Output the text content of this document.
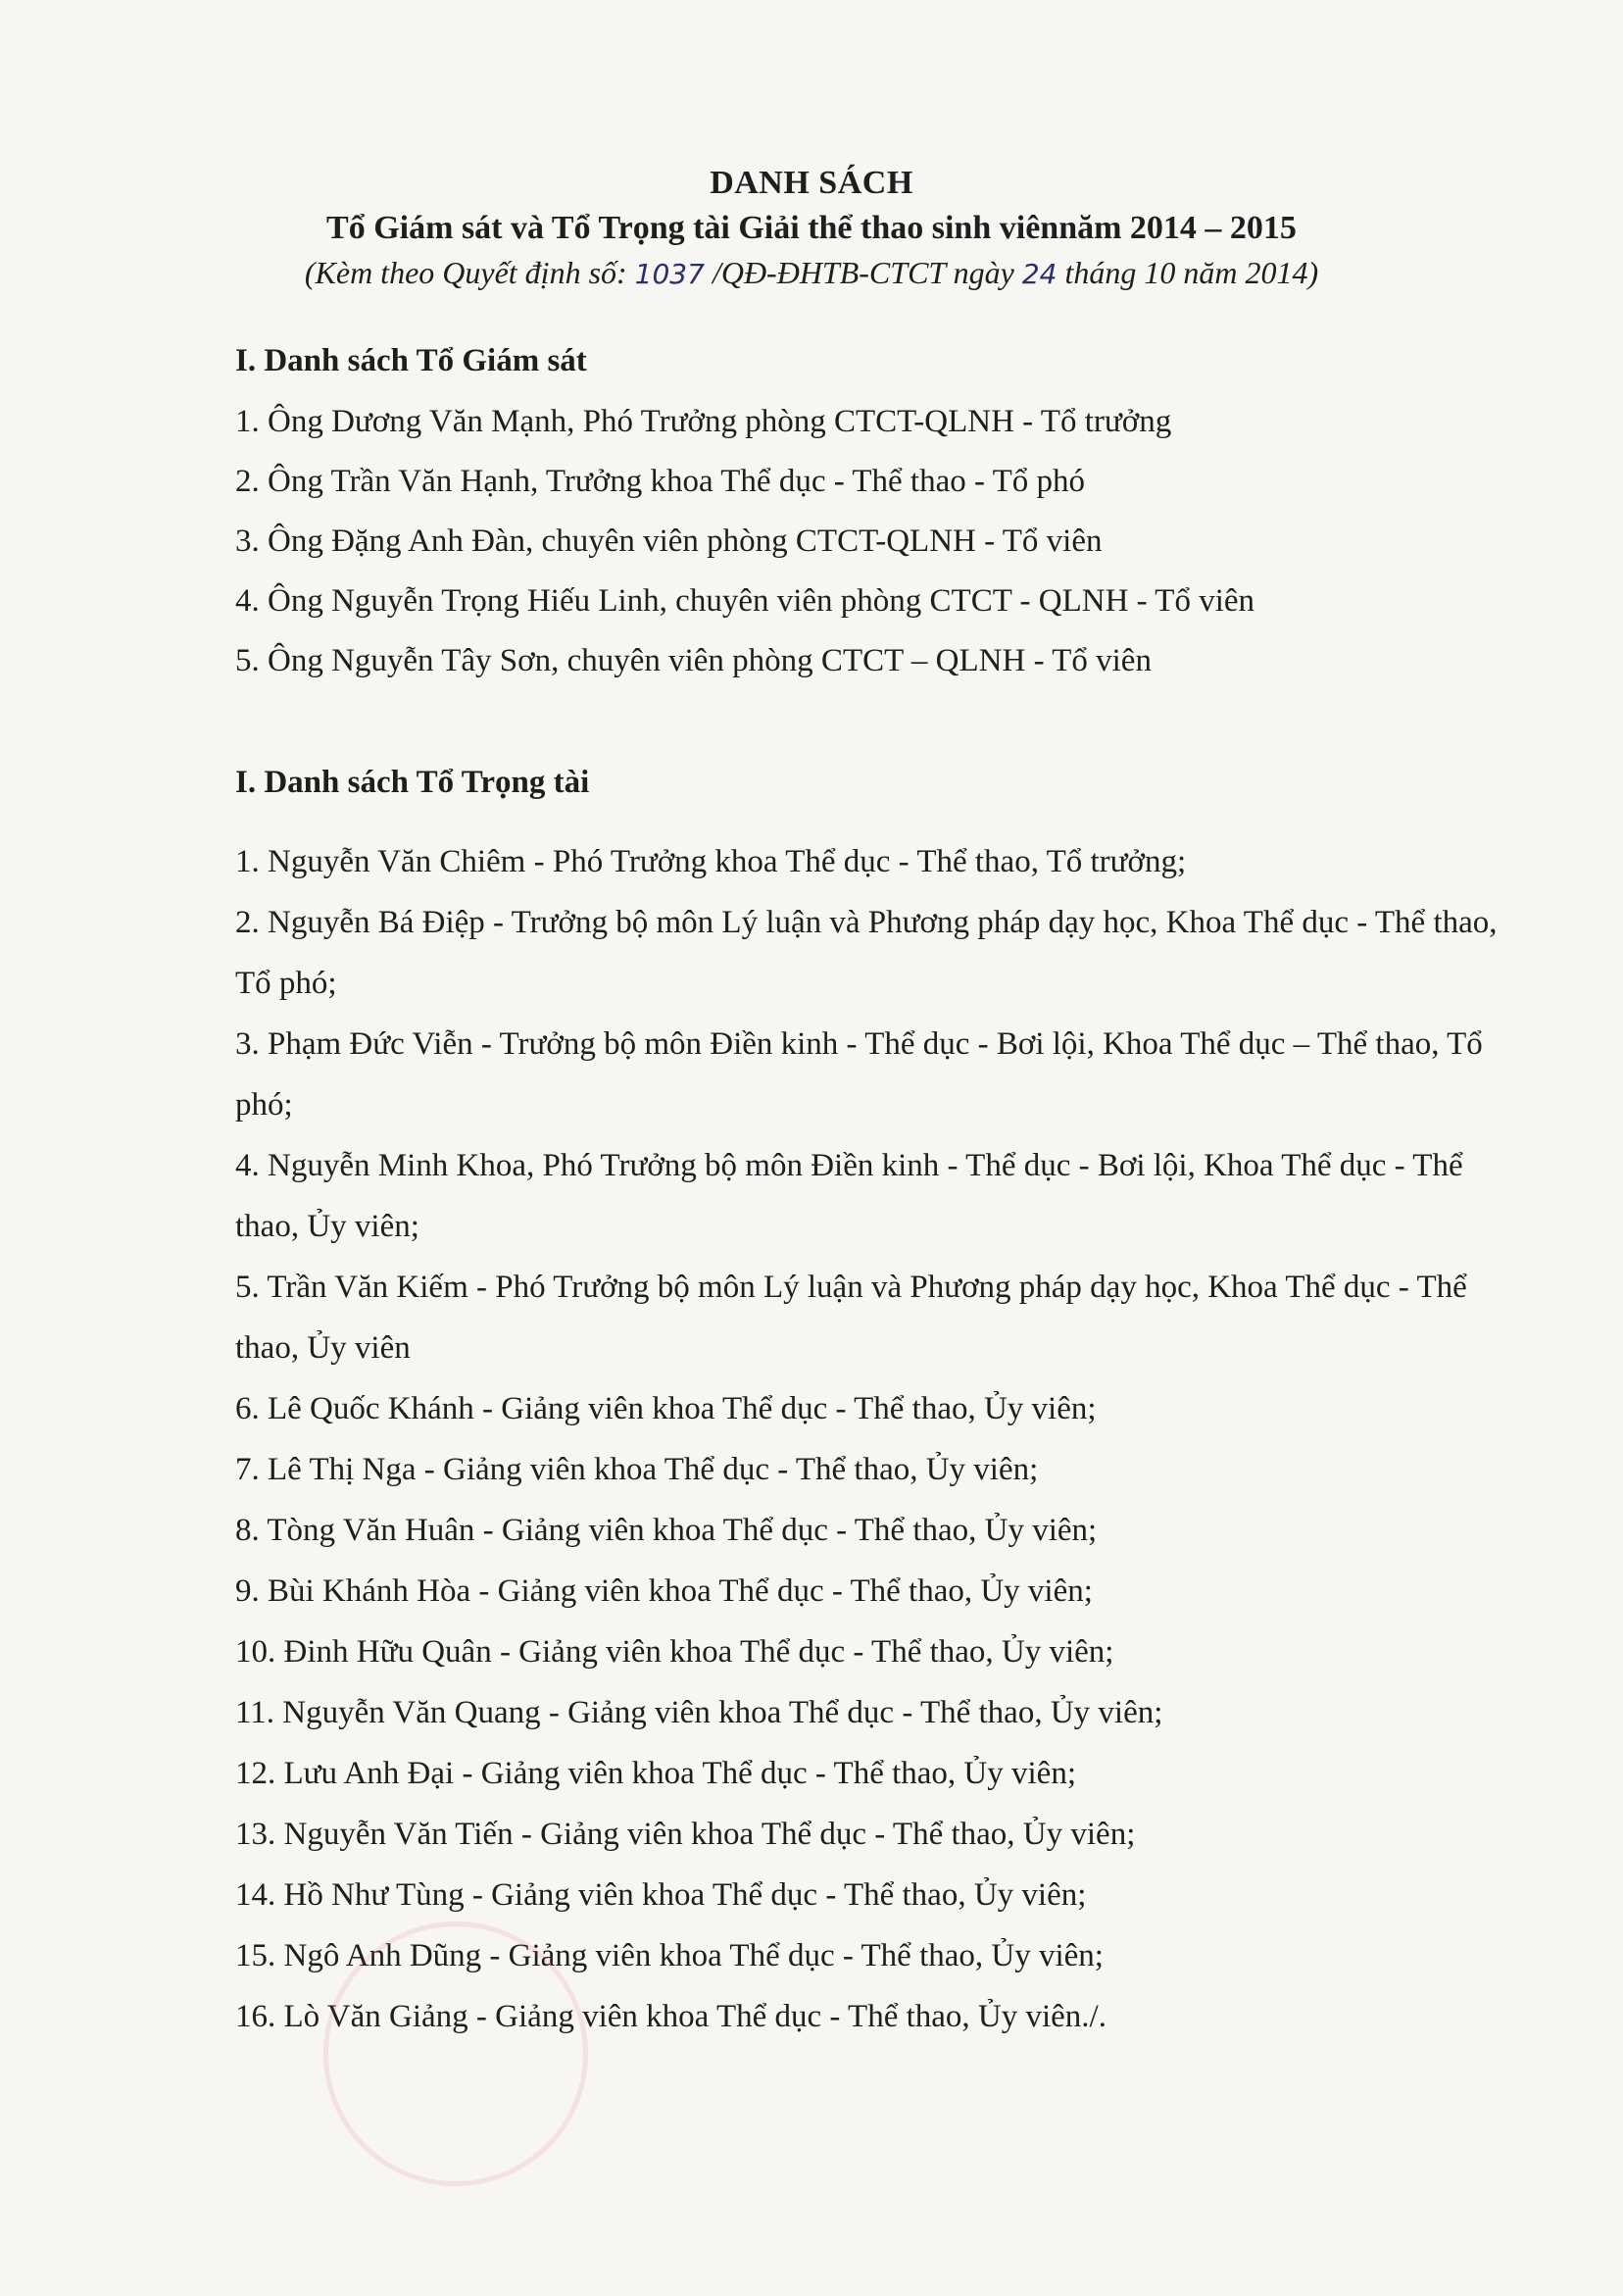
DANH SÁCH
Tổ Giám sát và Tổ Trọng tài Giải thể thao sinh viênnăm 2014 – 2015
(Kèm theo Quyết định số: 1037 /QĐ-ĐHTB-CTCT ngày 24 tháng 10 năm 2014)
I. Danh sách Tổ Giám sát
1. Ông Dương Văn Mạnh, Phó Trưởng phòng CTCT-QLNH - Tổ trưởng
2. Ông Trần Văn Hạnh, Trưởng khoa Thể dục - Thể thao - Tổ phó
3. Ông Đặng Anh Đàn, chuyên viên phòng CTCT-QLNH - Tổ viên
4. Ông Nguyễn Trọng Hiếu Linh, chuyên viên phòng CTCT - QLNH - Tổ viên
5. Ông Nguyễn Tây Sơn, chuyên viên phòng CTCT – QLNH - Tổ viên
I. Danh sách Tổ Trọng tài
1. Nguyễn Văn Chiêm - Phó Trưởng khoa Thể dục - Thể thao, Tổ trưởng;
2. Nguyễn Bá Điệp - Trưởng bộ môn Lý luận và Phương pháp dạy học, Khoa Thể dục - Thể thao, Tổ phó;
3. Phạm Đức Viễn - Trưởng bộ môn Điền kinh - Thể dục - Bơi lội, Khoa Thể dục – Thể thao, Tổ phó;
4. Nguyễn Minh Khoa, Phó Trưởng bộ môn Điền kinh - Thể dục - Bơi lội, Khoa Thể dục - Thể thao, Ủy viên;
5. Trần Văn Kiếm - Phó Trưởng bộ môn Lý luận và Phương pháp dạy học, Khoa Thể dục - Thể thao, Ủy viên
6. Lê Quốc Khánh - Giảng viên khoa Thể dục - Thể thao, Ủy viên;
7. Lê Thị Nga - Giảng viên khoa Thể dục - Thể thao, Ủy viên;
8. Tòng Văn Huân - Giảng viên khoa Thể dục - Thể thao, Ủy viên;
9. Bùi Khánh Hòa - Giảng viên khoa Thể dục - Thể thao, Ủy viên;
10. Đinh Hữu Quân - Giảng viên khoa Thể dục - Thể thao, Ủy viên;
11. Nguyễn Văn Quang - Giảng viên khoa Thể dục - Thể thao, Ủy viên;
12. Lưu Anh Đại - Giảng viên khoa Thể dục - Thể thao, Ủy viên;
13. Nguyễn Văn Tiến - Giảng viên khoa Thể dục - Thể thao, Ủy viên;
14. Hồ Như Tùng - Giảng viên khoa Thể dục - Thể thao, Ủy viên;
15. Ngô Anh Dũng - Giảng viên khoa Thể dục - Thể thao, Ủy viên;
16. Lò Văn Giảng - Giảng viên khoa Thể dục - Thể thao, Ủy viên./.
